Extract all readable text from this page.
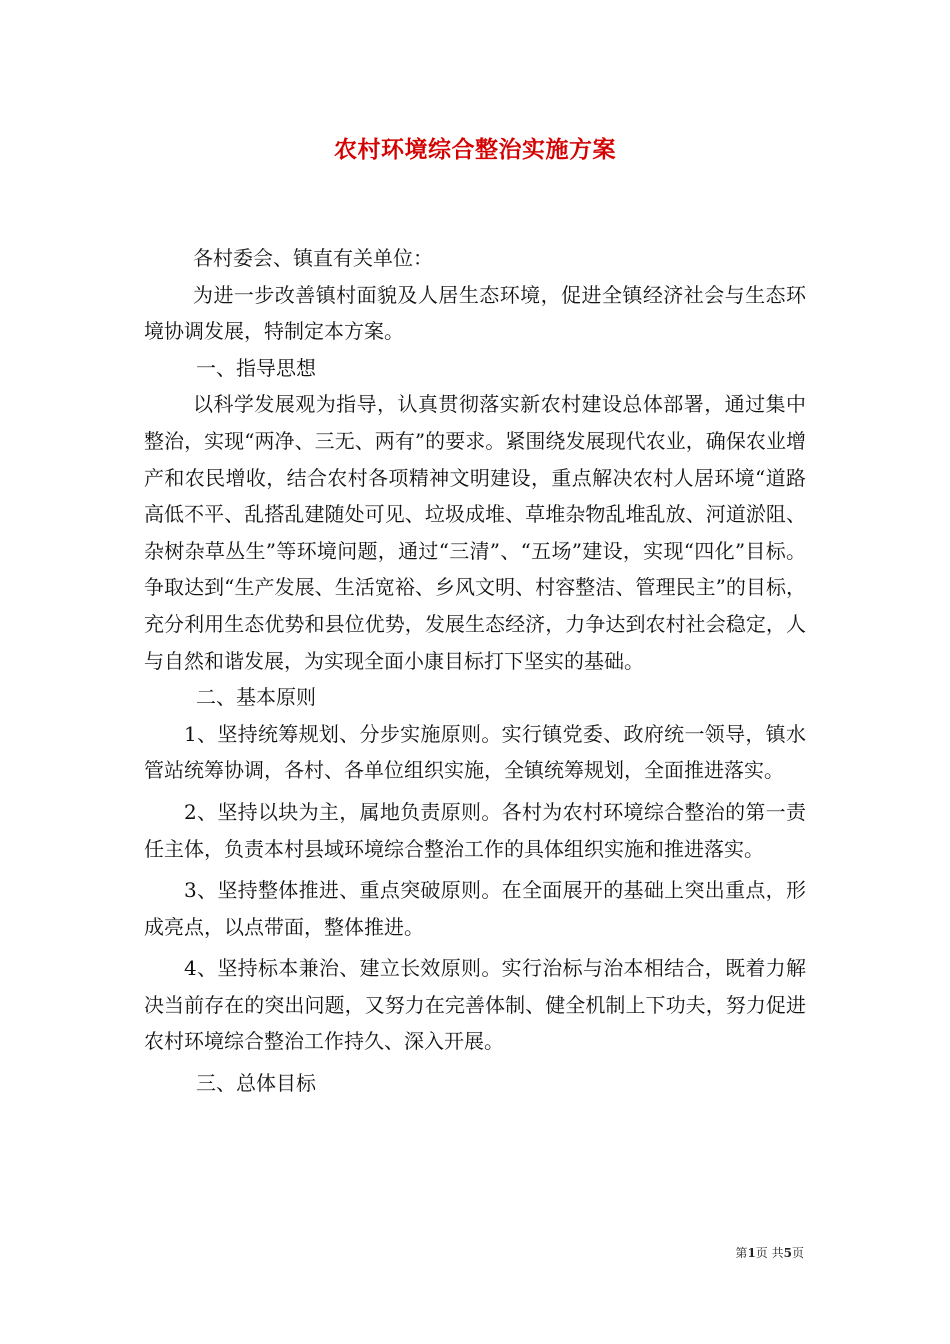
农村环境综合整治实施方案

各村委会、镇直有关单位：

为进一步改善镇村面貌及人居生态环境，促进全镇经济社会与生态环境协调发展，特制定本方案。

一、指导思想

以科学发展观为指导，认真贯彻落实新农村建设总体部署，通过集中整治，实现“两净、三无、两有”的要求。紧围绕发展现代农业，确保农业增产和农民增收，结合农村各项精神文明建设，重点解决农村人居环境“道路高低不平、乱搭乱建随处可见、垃圾成堆、草堆杂物乱堆乱放、河道淤阻、杂树杂草丛生”等环境问题，通过“三清”、“五场”建设，实现“四化”目标。争取达到“生产发展、生活宽裕、乡风文明、村容整洁、管理民主”的目标，充分利用生态优势和县位优势，发展生态经济，力争达到农村社会稳定，人与自然和谐发展，为实现全面小康目标打下坚实的基础。

二、基本原则

1、坚持统筹规划、分步实施原则。实行镇党委、政府统一领导，镇水管站统筹协调，各村、各单位组织实施，全镇统筹规划，全面推进落实。

2、坚持以块为主，属地负责原则。各村为农村环境综合整治的第一责任主体，负责本村县域环境综合整治工作的具体组织实施和推进落实。

3、坚持整体推进、重点突破原则。在全面展开的基础上突出重点，形成亮点，以点带面，整体推进。

4、坚持标本兼治、建立长效原则。实行治标与治本相结合，既着力解决当前存在的突出问题，又努力在完善体制、健全机制上下功夫，努力促进农村环境综合整治工作持久、深入开展。

三、总体目标

第1页 共5页
